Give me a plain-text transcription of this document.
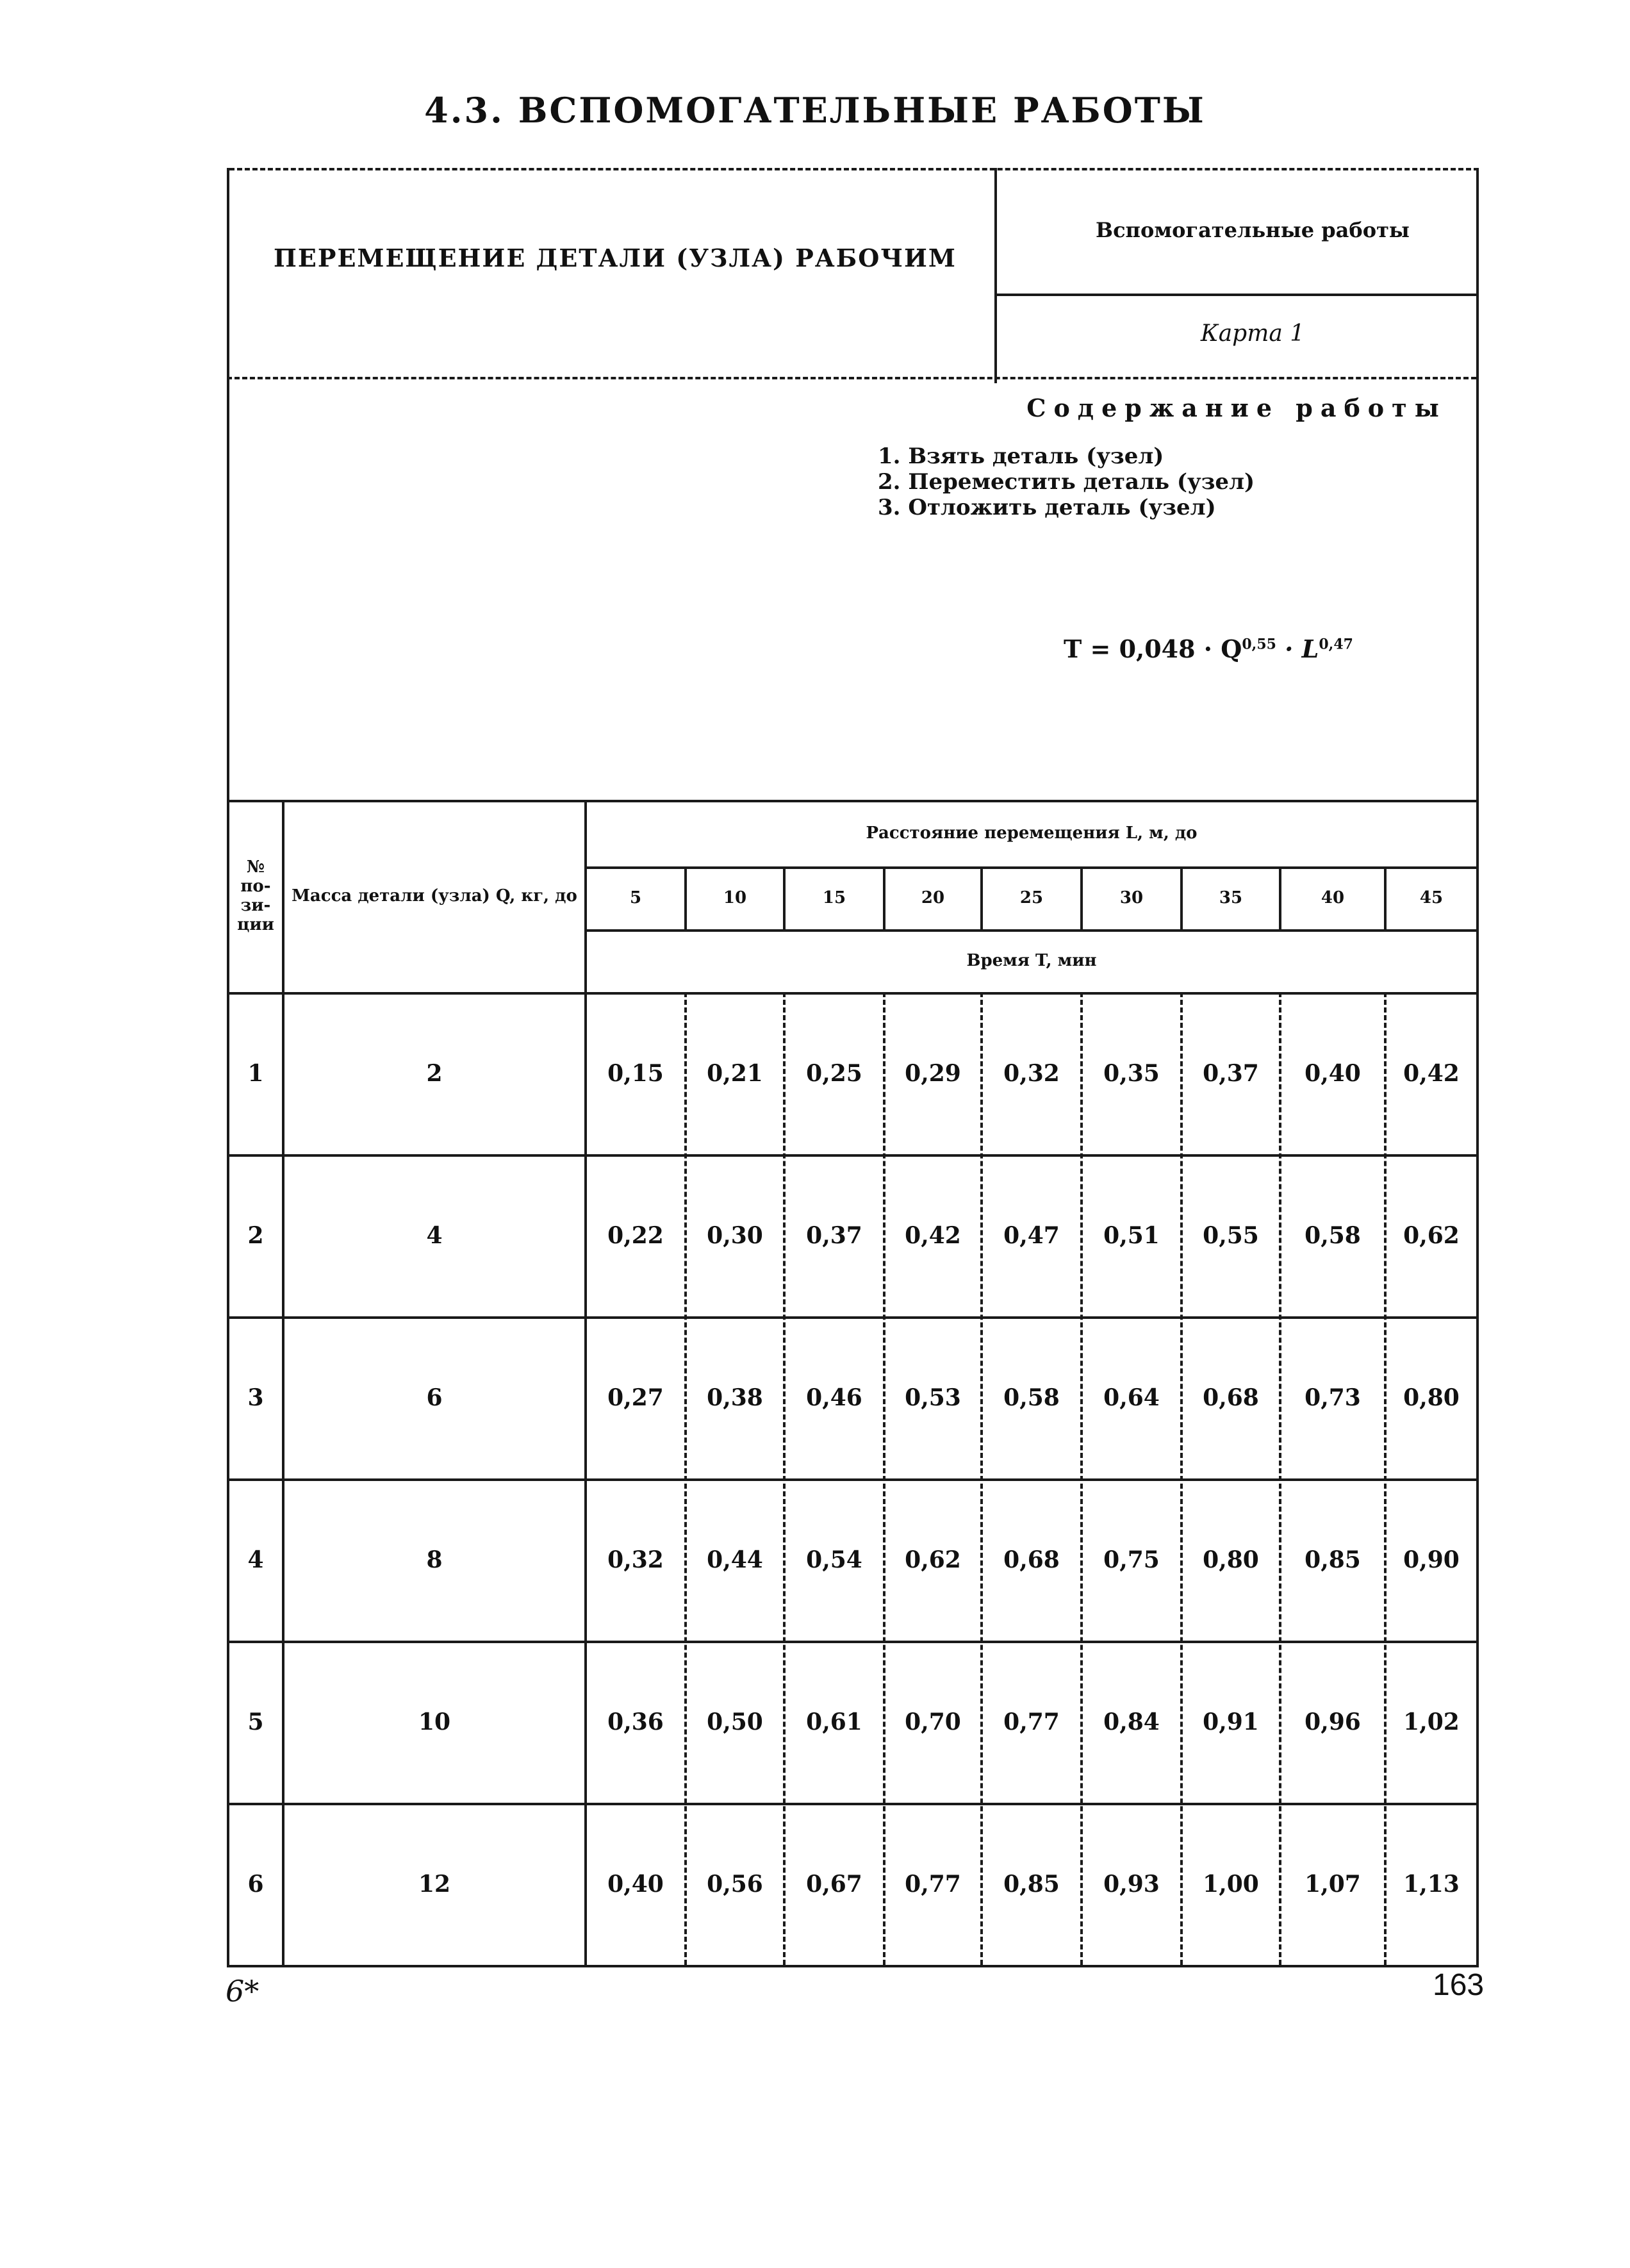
4.3. ВСПОМОГАТЕЛЬНЫЕ РАБОТЫ
ПЕРЕМЕЩЕНИЕ ДЕТАЛИ (УЗЛА) РАБОЧИМ
Вспомогательные работы
Карта 1
Содержание работы
1. Взять деталь (узел)
2. Переместить деталь (узел)
3. Отложить деталь (узел)
T = 0,048 · Q$^{0,55}$ · L$^{0,47}$
№ по-зи-ции
Масса детали (узла) Q, кг, до
Расстояние перемещения L, м, до
Время T, мин
5	10	15	20	25	30	35	40	45
1	2	0,15	0,21	0,25	0,29	0,32	0,35	0,37	0,40	0,42
2	4	0,22	0,30	0,37	0,42	0,47	0,51	0,55	0,58	0,62
3	6	0,27	0,38	0,46	0,53	0,58	0,64	0,68	0,73	0,80
4	8	0,32	0,44	0,54	0,62	0,68	0,75	0,80	0,85	0,90
5	10	0,36	0,50	0,61	0,70	0,77	0,84	0,91	0,96	1,02
6	12	0,40	0,56	0,67	0,77	0,85	0,93	1,00	1,07	1,13
6*	163
